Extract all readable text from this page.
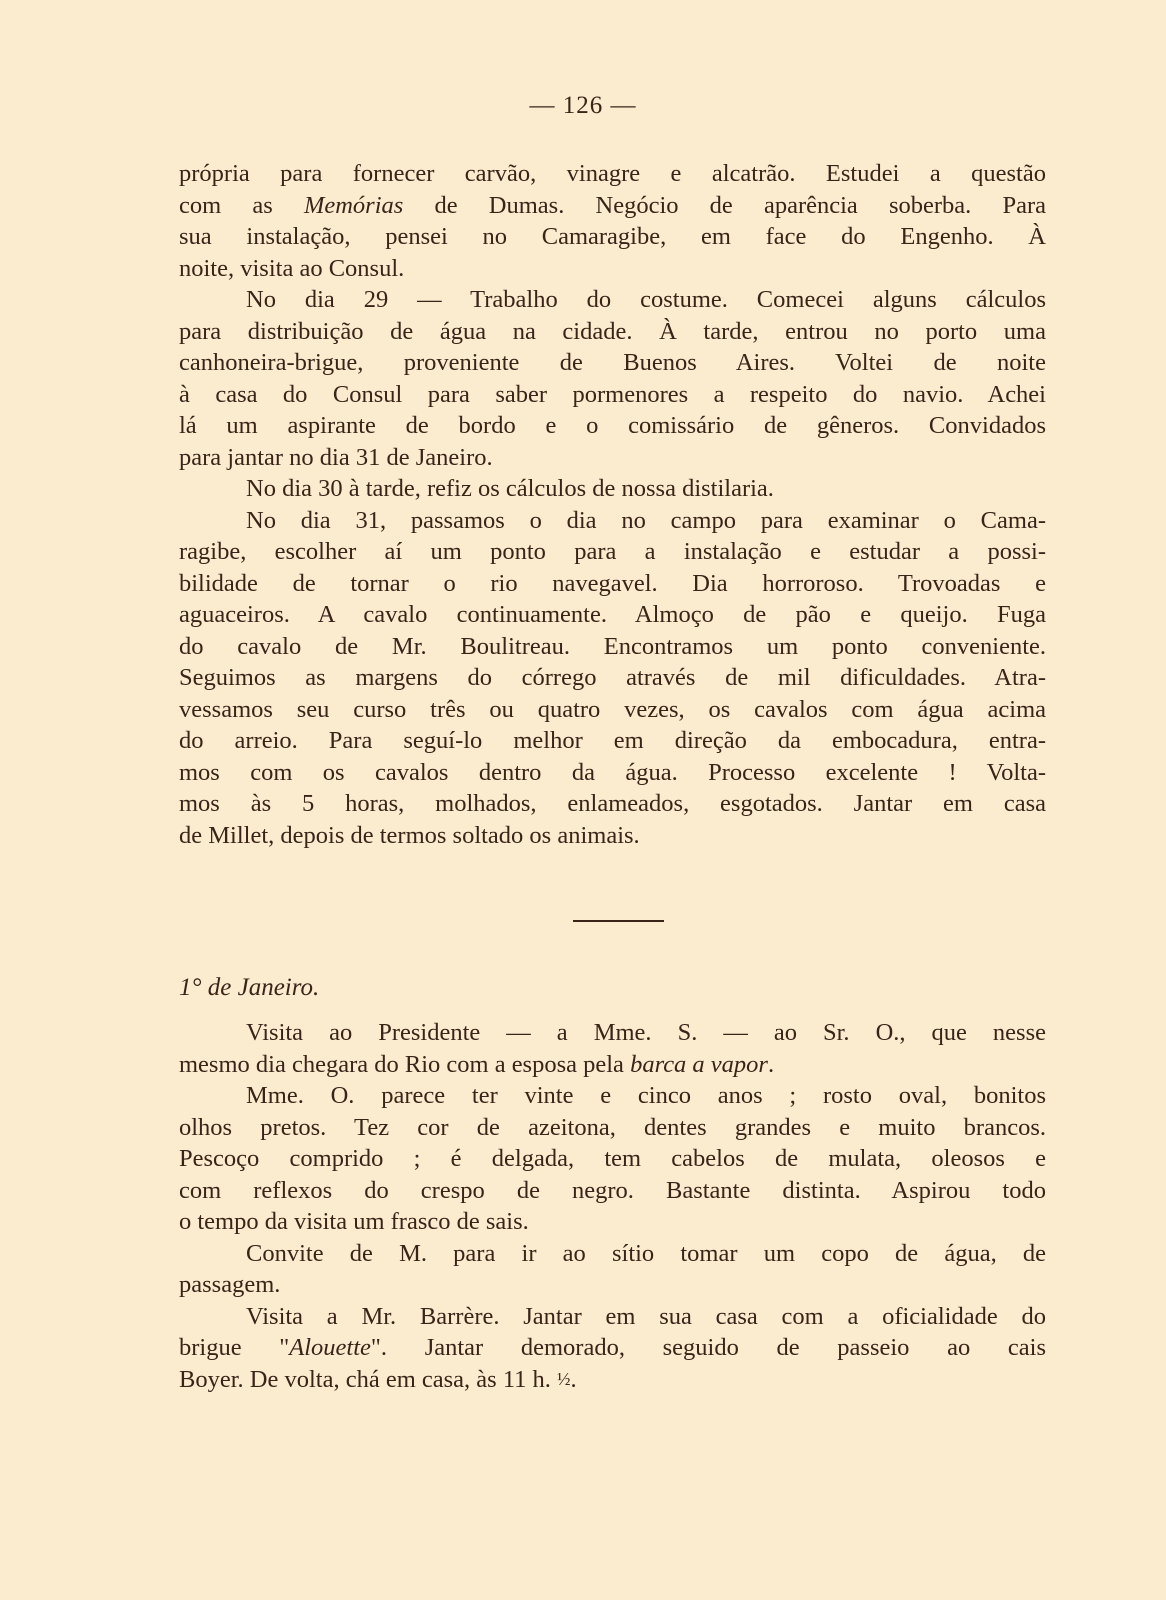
— 126 —
própria para fornecer carvão, vinagre e alcatrão. Estudei a questão
com as Memórias de Dumas. Negócio de aparência soberba. Para
sua instalação, pensei no Camaragibe, em face do Engenho. À
noite, visita ao Consul.
No dia 29 — Trabalho do costume. Comecei alguns cálculos
para distribuição de água na cidade. À tarde, entrou no porto uma
canhoneira-brigue, proveniente de Buenos Aires. Voltei de noite
à casa do Consul para saber pormenores a respeito do navio. Achei
lá um aspirante de bordo e o comissário de gêneros. Convidados
para jantar no dia 31 de Janeiro.
No dia 30 à tarde, refiz os cálculos de nossa distilaria.
No dia 31, passamos o dia no campo para examinar o Cama-
ragibe, escolher aí um ponto para a instalação e estudar a possi-
bilidade de tornar o rio navegavel. Dia horroroso. Trovoadas e
aguaceiros. A cavalo continuamente. Almoço de pão e queijo. Fuga
do cavalo de Mr. Boulitreau. Encontramos um ponto conveniente.
Seguimos as margens do córrego através de mil dificuldades. Atra-
vessamos seu curso três ou quatro vezes, os cavalos com água acima
do arreio. Para seguí-lo melhor em direção da embocadura, entra-
mos com os cavalos dentro da água. Processo excelente ! Volta-
mos às 5 horas, molhados, enlameados, esgotados. Jantar em casa
de Millet, depois de termos soltado os animais.
1° de Janeiro.
Visita ao Presidente — a Mme. S. — ao Sr. O., que nesse
mesmo dia chegara do Rio com a esposa pela barca a vapor.
Mme. O. parece ter vinte e cinco anos ; rosto oval, bonitos
olhos pretos. Tez cor de azeitona, dentes grandes e muito brancos.
Pescoço comprido ; é delgada, tem cabelos de mulata, oleosos e
com reflexos do crespo de negro. Bastante distinta. Aspirou todo
o tempo da visita um frasco de sais.
Convite de M. para ir ao sítio tomar um copo de água, de
passagem.
Visita a Mr. Barrère. Jantar em sua casa com a oficialidade do
brigue "Alouette". Jantar demorado, seguido de passeio ao cais
Boyer. De volta, chá em casa, às 11 h. ½.
